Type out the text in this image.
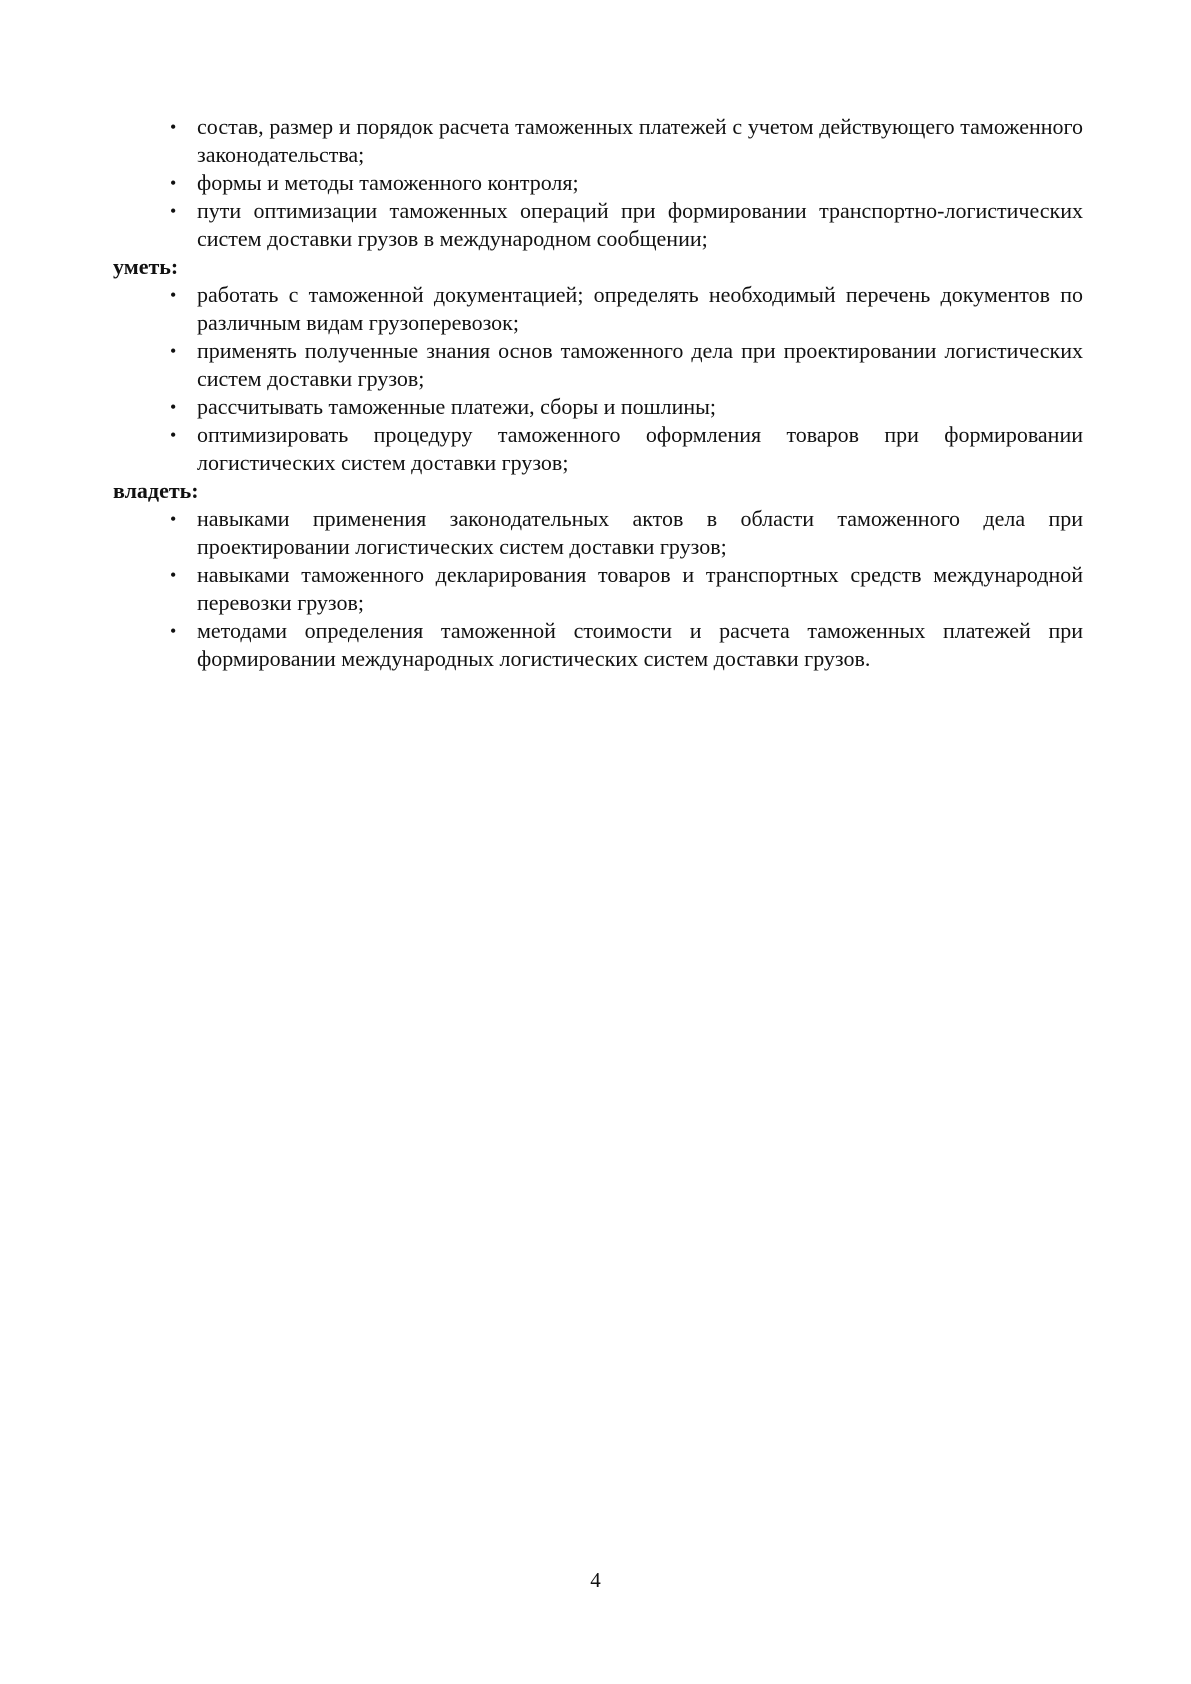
• состав, размер и порядок расчета таможенных платежей с учетом действующего таможенного законодательства;
• формы и методы таможенного контроля;
• пути оптимизации таможенных операций при формировании транспортно-логистических систем доставки грузов в международном сообщении;

уметь:

• работать с таможенной документацией; определять необходимый перечень документов по различным видам грузоперевозок;
• применять полученные знания основ таможенного дела при проектировании логистических систем доставки грузов;
• рассчитывать таможенные платежи, сборы и пошлины;
• оптимизировать процедуру таможенного оформления товаров при формировании логистических систем доставки грузов;

владеть:

• навыками применения законодательных актов в области таможенного дела при проектировании логистических систем доставки грузов;
• навыками таможенного декларирования товаров и транспортных средств международной перевозки грузов;
• методами определения таможенной стоимости и расчета таможенных платежей при формировании международных логистических систем доставки грузов.
4
